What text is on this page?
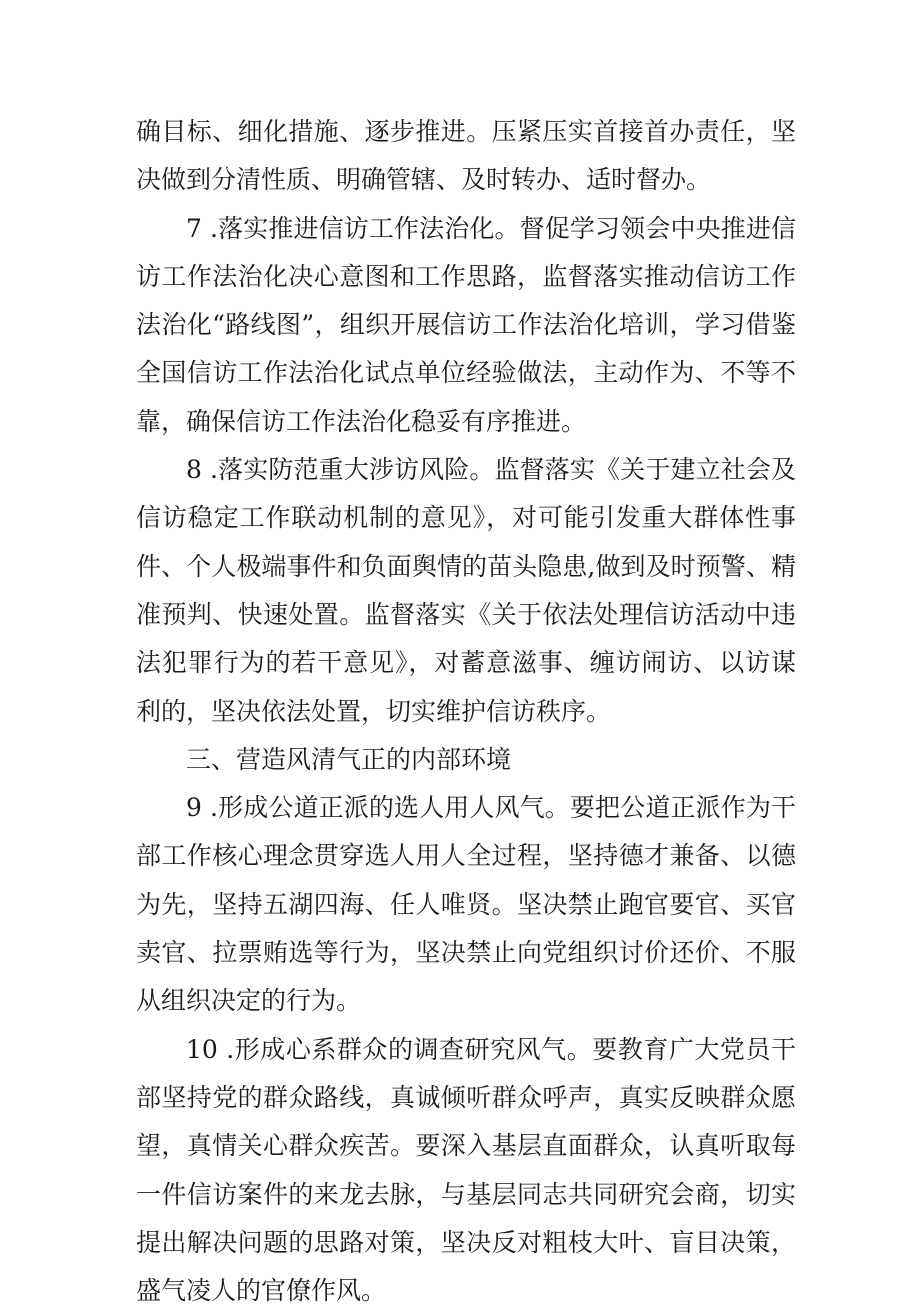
确目标、细化措施、逐步推进。压紧压实首接首办责任，坚决做到分清性质、明确管辖、及时转办、适时督办。

7 .落实推进信访工作法治化。督促学习领会中央推进信访工作法治化决心意图和工作思路，监督落实推动信访工作法治化“路线图”，组织开展信访工作法治化培训，学习借鉴全国信访工作法治化试点单位经验做法，主动作为、不等不靠，确保信访工作法治化稳妥有序推进。

8 .落实防范重大涉访风险。监督落实《关于建立社会及信访稳定工作联动机制的意见》，对可能引发重大群体性事件、个人极端事件和负面舆情的苗头隐患,做到及时预警、精准预判、快速处置。监督落实《关于依法处理信访活动中违法犯罪行为的若干意见》，对蓄意滋事、缠访闹访、以访谋利的，坚决依法处置，切实维护信访秩序。

三、营造风清气正的内部环境

9 .形成公道正派的选人用人风气。要把公道正派作为干部工作核心理念贯穿选人用人全过程，坚持德才兼备、以德为先，坚持五湖四海、任人唯贤。坚决禁止跑官要官、买官卖官、拉票贿选等行为，坚决禁止向党组织讨价还价、不服从组织决定的行为。

10 .形成心系群众的调查研究风气。要教育广大党员干部坚持党的群众路线，真诚倾听群众呼声，真实反映群众愿望，真情关心群众疾苦。要深入基层直面群众，认真听取每一件信访案件的来龙去脉，与基层同志共同研究会商，切实提出解决问题的思路对策，坚决反对粗枝大叶、盲目决策，盛气凌人的官僚作风。
